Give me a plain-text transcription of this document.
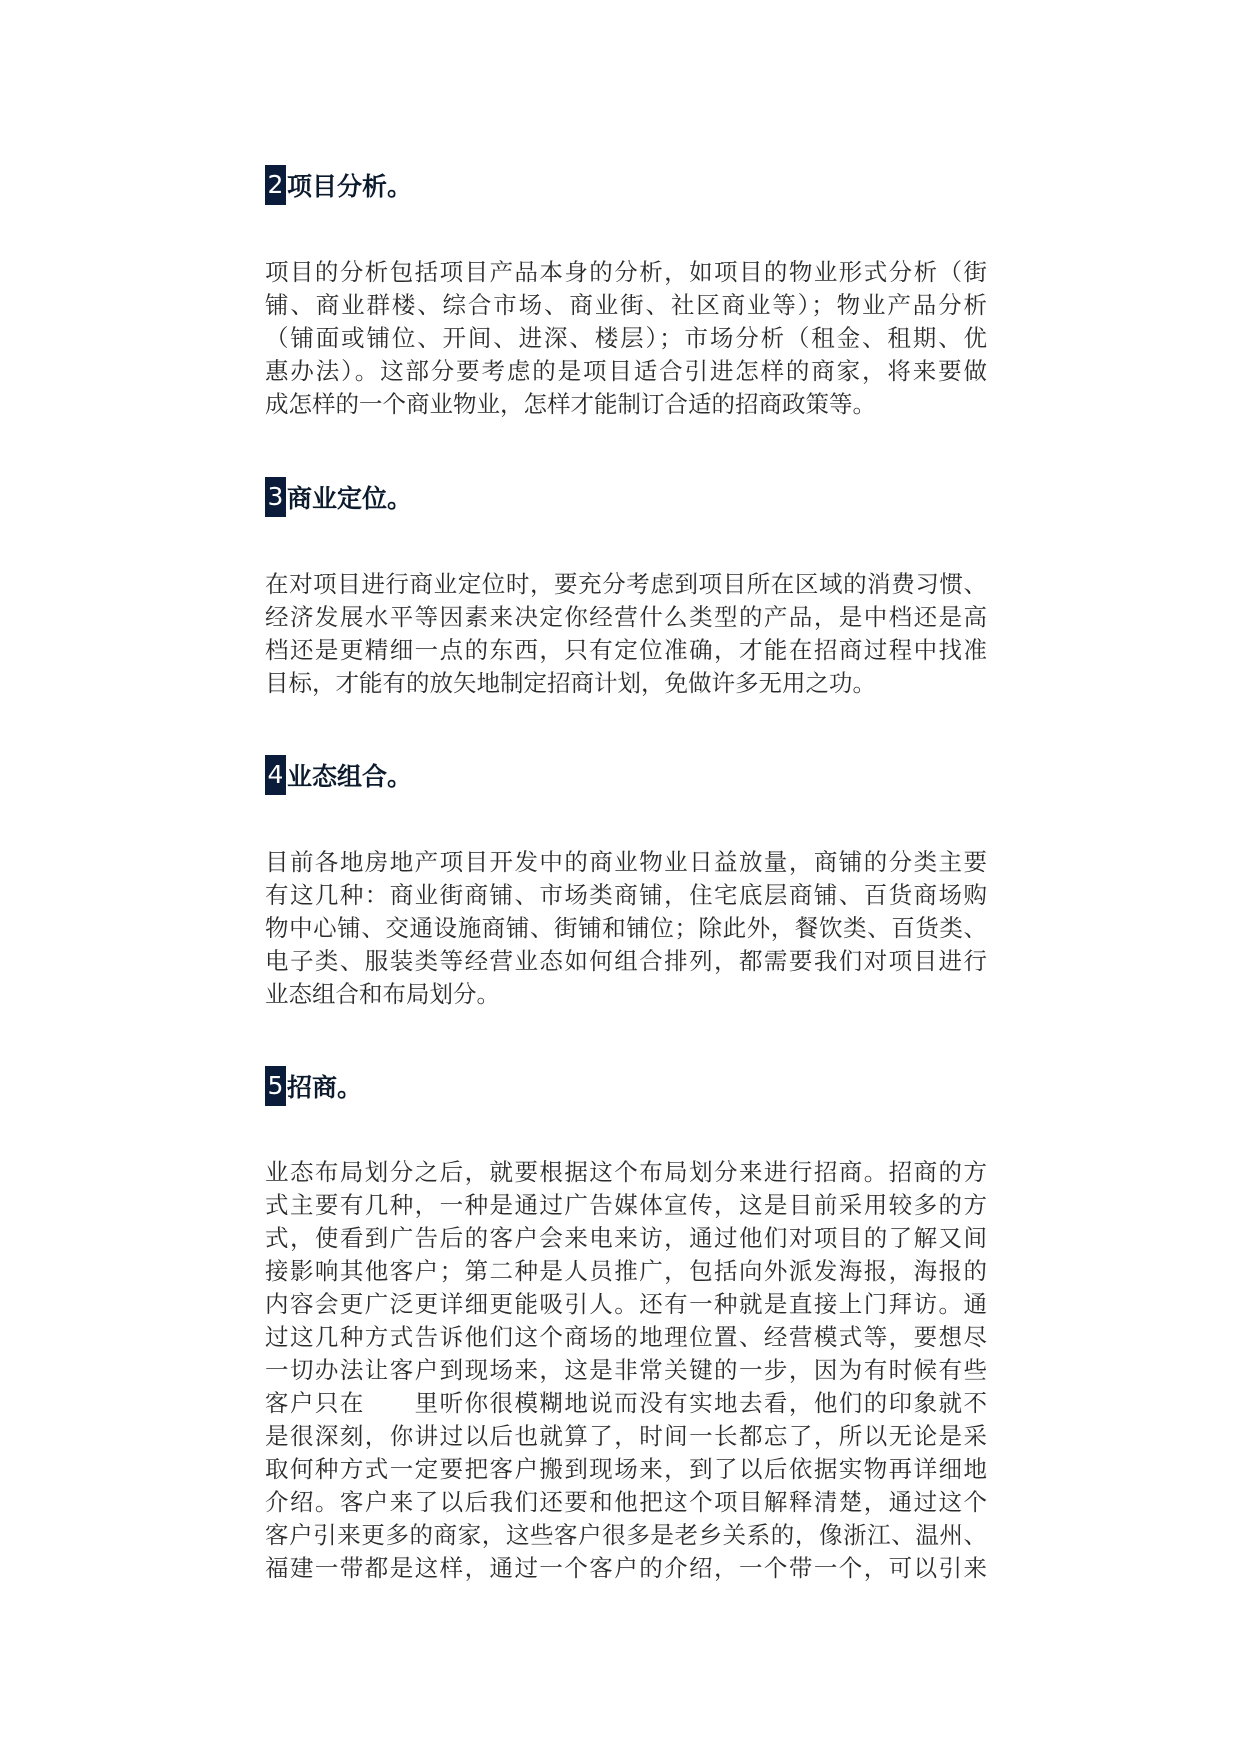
2 项目分析。
项目的分析包括项目产品本身的分析，如项目的物业形式分析（街
铺、商业群楼、综合市场、商业街、社区商业等）；物业产品分析
（铺面或铺位、开间、进深、楼层）；市场分析（租金、租期、优
惠办法）。这部分要考虑的是项目适合引进怎样的商家，将来要做
成怎样的一个商业物业，怎样才能制订合适的招商政策等。
3 商业定位。
在对项目进行商业定位时，要充分考虑到项目所在区域的消费习惯、
经济发展水平等因素来决定你经营什么类型的产品，是中档还是高
档还是更精细一点的东西，只有定位准确，才能在招商过程中找准
目标，才能有的放矢地制定招商计划，免做许多无用之功。
4 业态组合。
目前各地房地产项目开发中的商业物业日益放量，商铺的分类主要
有这几种：商业街商铺、市场类商铺，住宅底层商铺、百货商场购
物中心铺、交通设施商铺、街铺和铺位；除此外，餐饮类、百货类、
电子类、服装类等经营业态如何组合排列，都需要我们对项目进行
业态组合和布局划分。
5 招商。
业态布局划分之后，就要根据这个布局划分来进行招商。招商的方
式主要有几种，一种是通过广告媒体宣传，这是目前采用较多的方
式，使看到广告后的客户会来电来访，通过他们对项目的了解又间
接影响其他客户；第二种是人员推广，包括向外派发海报，海报的
内容会更广泛更详细更能吸引人。还有一种就是直接上门拜访。通
过这几种方式告诉他们这个商场的地理位置、经营模式等，要想尽
一切办法让客户到现场来，这是非常关键的一步，因为有时候有些
客户只在　　里听你很模糊地说而没有实地去看，他们的印象就不
是很深刻，你讲过以后也就算了，时间一长都忘了，所以无论是采
取何种方式一定要把客户搬到现场来，到了以后依据实物再详细地
介绍。客户来了以后我们还要和他把这个项目解释清楚，通过这个
客户引来更多的商家，这些客户很多是老乡关系的，像浙江、温州、
福建一带都是这样，通过一个客户的介绍，一个带一个，可以引来
